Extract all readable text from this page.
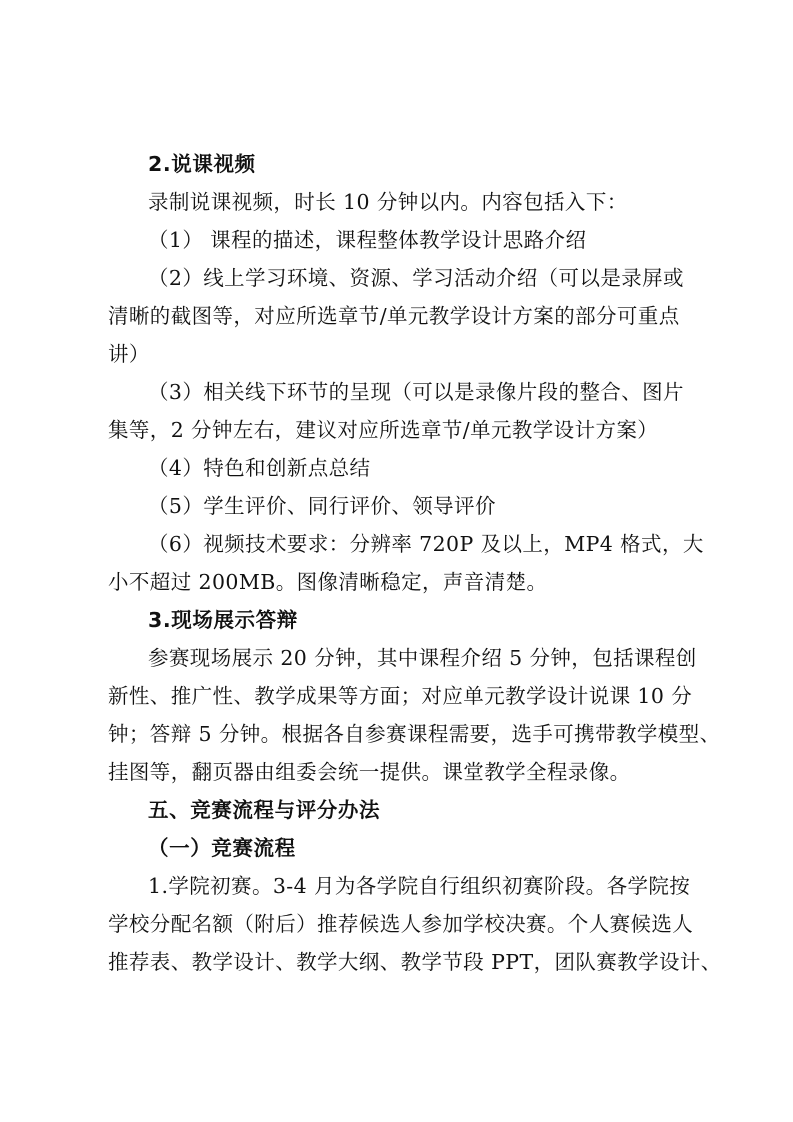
2.说课视频
录制说课视频，时长 10 分钟以内。内容包括入下：
（1） 课程的描述，课程整体教学设计思路介绍
（2）线上学习环境、资源、学习活动介绍（可以是录屏或
清晰的截图等，对应所选章节/单元教学设计方案的部分可重点
讲）
（3）相关线下环节的呈现（可以是录像片段的整合、图片
集等，2 分钟左右，建议对应所选章节/单元教学设计方案）
（4）特色和创新点总结
（5）学生评价、同行评价、领导评价
（6）视频技术要求：分辨率 720P 及以上，MP4 格式，大
小不超过 200MB。图像清晰稳定，声音清楚。
3.现场展示答辩
参赛现场展示 20 分钟，其中课程介绍 5 分钟，包括课程创
新性、推广性、教学成果等方面；对应单元教学设计说课 10 分
钟；答辩 5 分钟。根据各自参赛课程需要，选手可携带教学模型、
挂图等，翻页器由组委会统一提供。课堂教学全程录像。
五、竞赛流程与评分办法
（一）竞赛流程
1.学院初赛。3-4 月为各学院自行组织初赛阶段。各学院按
学校分配名额（附后）推荐候选人参加学校决赛。个人赛候选人
推荐表、教学设计、教学大纲、教学节段 PPT，团队赛教学设计、
